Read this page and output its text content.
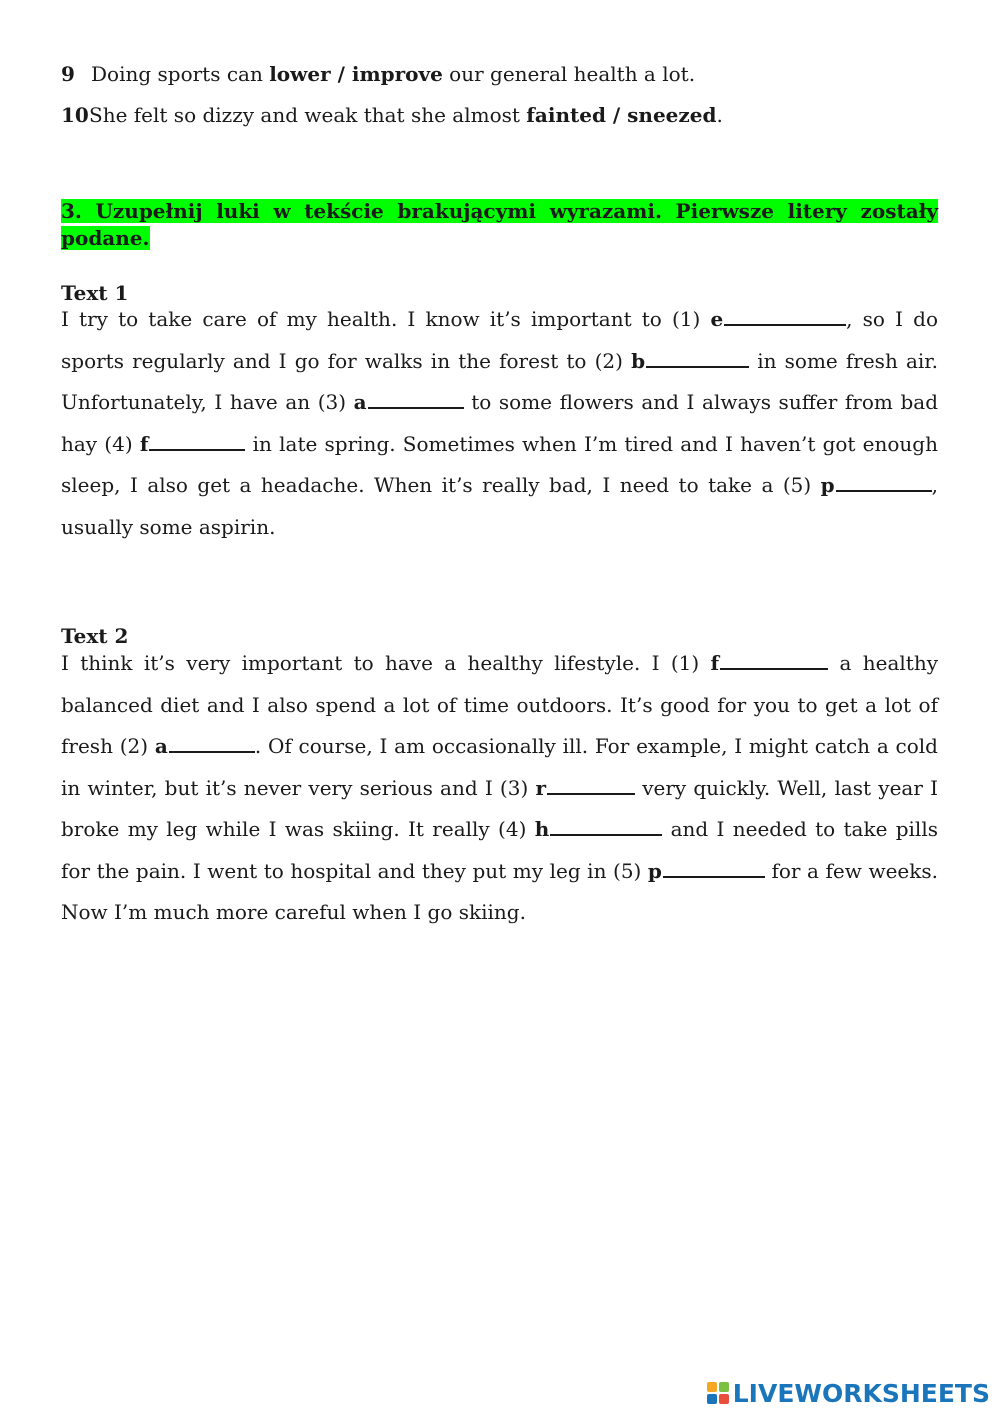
9 Doing sports can lower / improve our general health a lot.
10She felt so dizzy and weak that she almost fainted / sneezed.
3. Uzupełnij luki w tekście brakującymi wyrazami. Pierwsze litery zostały podane.
Text 1
I try to take care of my health. I know it’s important to (1) e	, so I do sports regularly and I go for walks in the forest to (2) b	in some fresh air. Unfortunately, I have an (3) a	to some flowers and I always suffer from bad hay (4) f	in late spring. Sometimes when I’m tired and I haven’t got enough sleep, I also get a headache. When it’s really bad, I need to take a (5) p	, usually some aspirin.
Text 2
I think it’s very important to have a healthy lifestyle. I (1) f	a healthy balanced diet and I also spend a lot of time outdoors. It’s good for you to get a lot of fresh (2) a	. Of course, I am occasionally ill. For example, I might catch a cold in winter, but it’s never very serious and I (3) r	very quickly. Well, last year I broke my leg while I was skiing. It really (4) h	and I needed to take pills for the pain. I went to hospital and they put my leg in (5) p	for a few weeks. Now I’m much more careful when I go skiing.
LIVEWORKSHEETS
